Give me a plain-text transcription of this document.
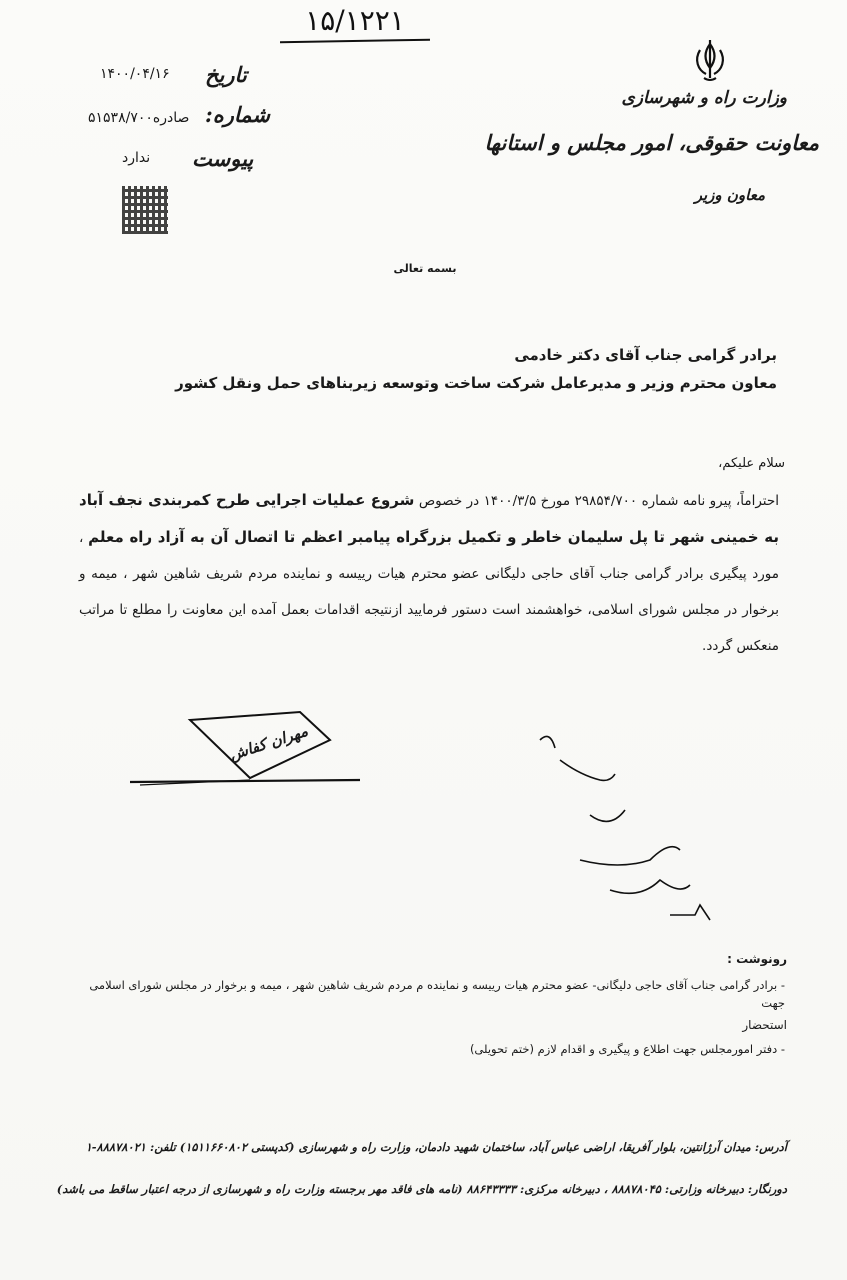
۱۵/۱۲۲۱
وزارت راه و شهرسازی
معاونت حقوقی، امور مجلس و استانها
معاون وزیر
تاریخ
۱۴۰۰/۰۴/۱۶
شماره:
۵۱۵۳۸/۷۰۰صادره
پیوست
ندارد
بسمه تعالی
برادر گرامی جناب آقای دکتر خادمی
معاون محترم وزیر و مدیرعامل شرکت ساخت وتوسعه زیربناهای حمل ونقل کشور
سلام علیکم،
احتراماً، پیرو نامه شماره ۲۹۸۵۴/۷۰۰ مورخ ۱۴۰۰/۳/۵ در خصوص شروع عملیات اجرایی طرح کمربندی نجف آباد به خمینی شهر تا پل سلیمان خاطر و تکمیل بزرگراه پیامبر اعظم تا اتصال آن به آزاد راه معلم ، مورد پیگیری برادر گرامی جناب آقای حاجی دلیگانی عضو محترم هیات رییسه و نماینده مردم شریف شاهین شهر ، میمه و برخوار در مجلس شورای اسلامی، خواهشمند است دستور فرمایید ازنتیجه اقدامات بعمل آمده این معاونت را مطلع تا مراتب منعکس گردد.
مهران کفاش
رونوشت :
- برادر گرامی جناب آقای حاجی دلیگانی- عضو محترم هیات رییسه و نماینده م مردم شریف شاهین شهر ، میمه و برخوار در مجلس شورای اسلامی جهت
استحضار
- دفتر امورمجلس جهت اطلاع و پیگیری و اقدام لازم (ختم تحویلی)
آدرس: میدان آرژانتین، بلوار آفریقا، اراضی عباس آباد، ساختمان شهید دادمان، وزارت راه و شهرسازی (کدپستی ۱۵۱۱۶۶۰۸۰۲) تلفن: ۸۸۸۷۸۰۲۱-۱
دورنگار: دبیرخانه وزارتی: ۸۸۸۷۸۰۴۵ ، دبیرخانه مرکزی: ۸۸۶۴۳۳۳۳ (نامه های فاقد مهر برجسته وزارت راه و شهرسازی از درجه اعتبار ساقط می باشد)
